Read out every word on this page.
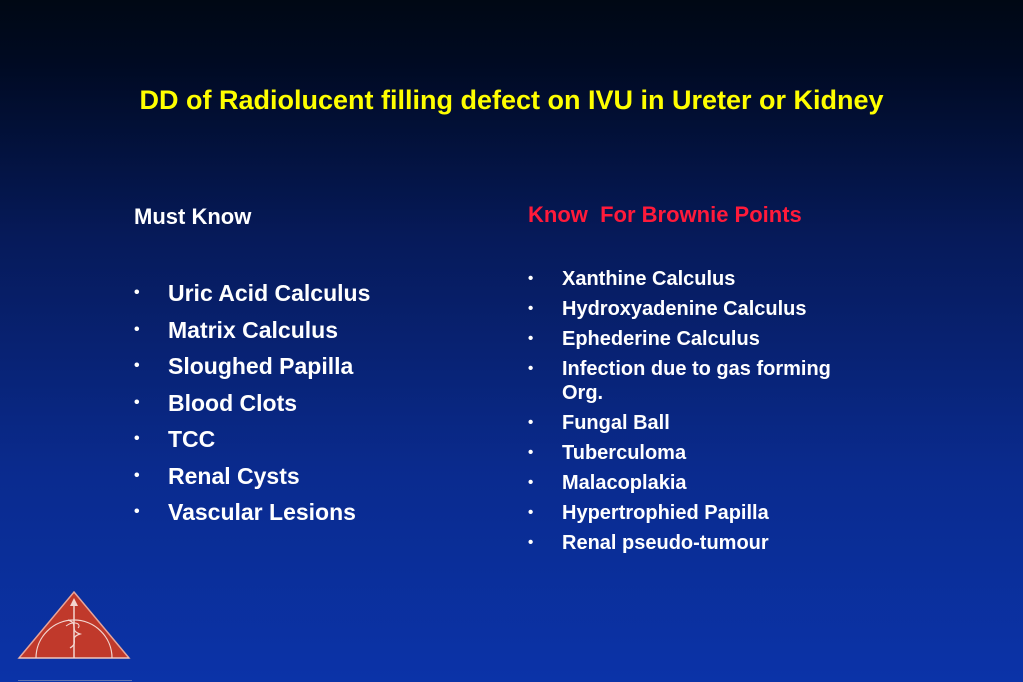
DD of Radiolucent filling defect on IVU in Ureter or Kidney

Must Know

• Uric Acid Calculus
• Matrix Calculus
• Sloughed Papilla
• Blood Clots
• TCC
• Renal Cysts
• Vascular Lesions

Know  For Brownie Points

• Xanthine Calculus
• Hydroxyadenine Calculus
• Ephederine Calculus
• Infection due to gas forming Org.
• Fungal Ball
• Tuberculoma
• Malacoplakia
• Hypertrophied Papilla
• Renal pseudo-tumour
